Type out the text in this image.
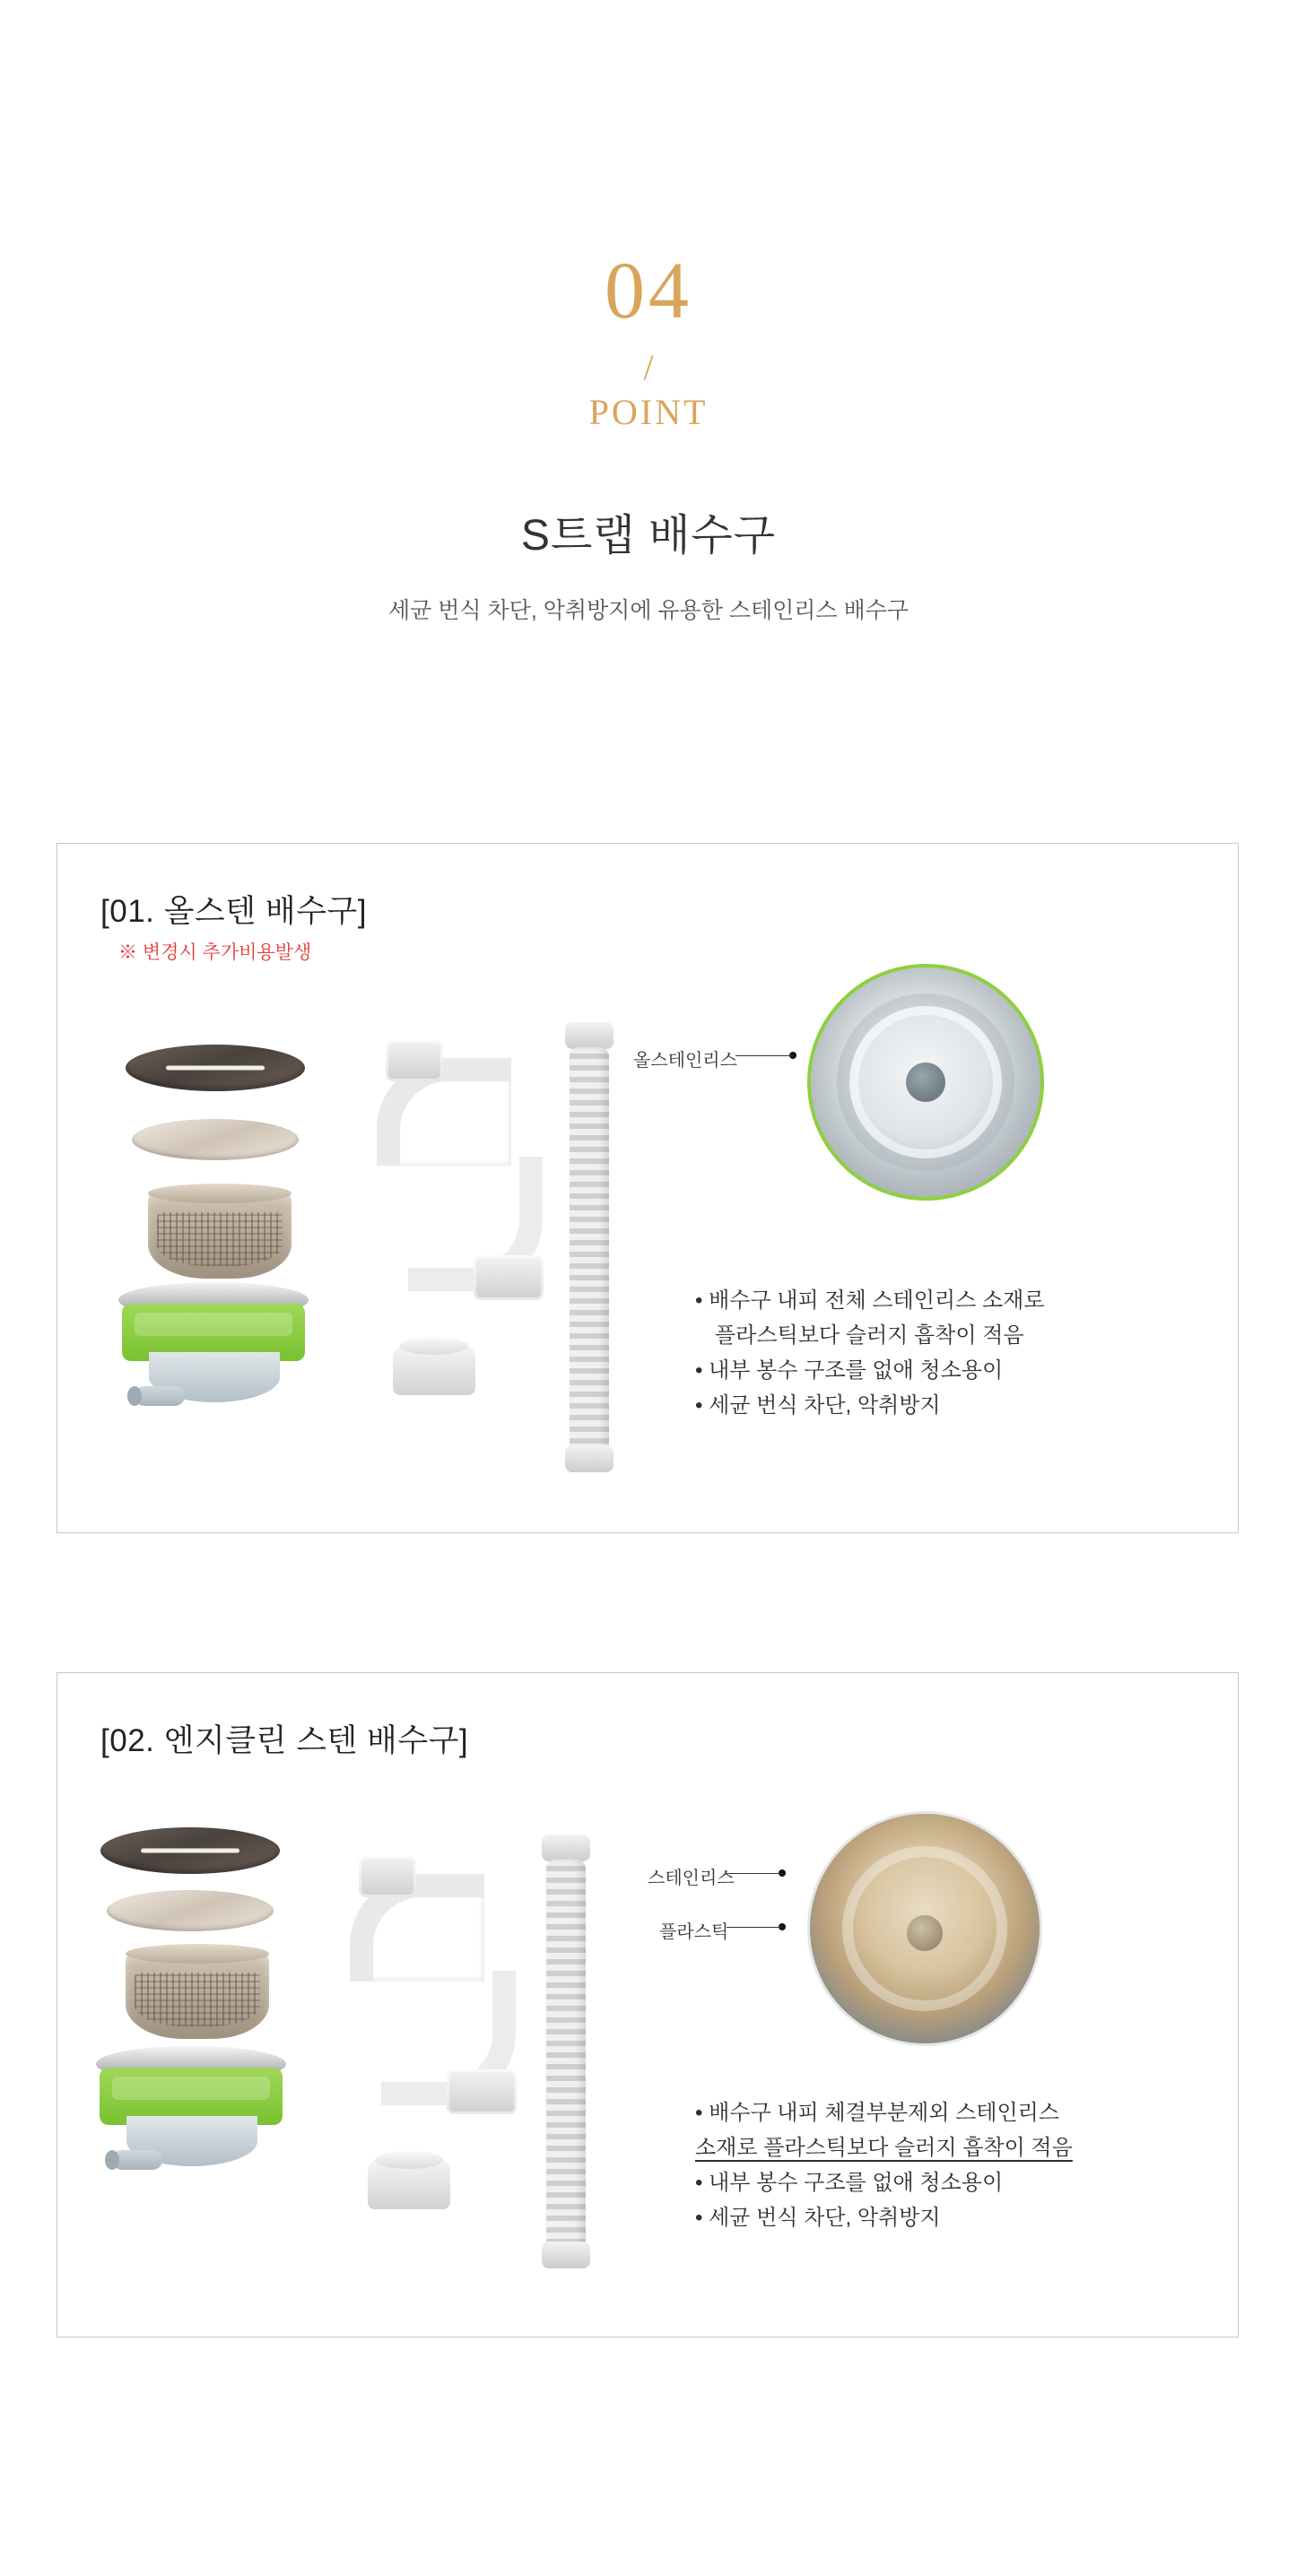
04
/
POINT
S트랩 배수구
세균 번식 차단, 악취방지에 유용한 스테인리스 배수구
[01. 올스텐 배수구]
※ 변경시 추가비용발생
올스테인리스
• 배수구 내피 전체 스테인리스 소재로
플라스틱보다 슬러지 흡착이 적음
• 내부 봉수 구조를 없애 청소용이
• 세균 번식 차단, 악취방지
[02. 엔지클린 스텐 배수구]
스테인리스
플라스틱
• 배수구 내피 체결부분제외 스테인리스
소재로 플라스틱보다 슬러지 흡착이 적음
• 내부 봉수 구조를 없애 청소용이
• 세균 번식 차단, 악취방지
